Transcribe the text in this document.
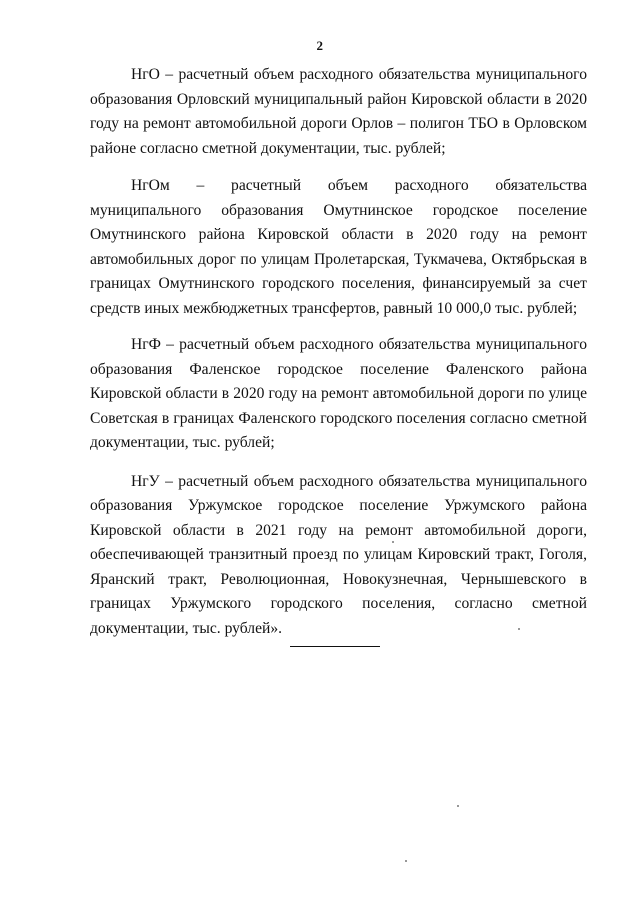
2

НгО – расчетный объем расходного обязательства муниципального образования Орловский муниципальный район Кировской области в 2020 году на ремонт автомобильной дороги Орлов – полигон ТБО в Орловском районе согласно сметной документации, тыс. рублей;

НгОм – расчетный объем расходного обязательства муниципального образования Омутнинское городское поселение Омутнинского района Кировской области в 2020 году на ремонт автомобильных дорог по улицам Пролетарская, Тукмачева, Октябрьская в границах Омутнинского городского поселения, финансируемый за счет средств иных межбюджетных трансфертов, равный 10 000,0 тыс. рублей;

НгФ – расчетный объем расходного обязательства муниципального образования Фаленское городское поселение Фаленского района Кировской области в 2020 году на ремонт автомобильной дороги по улице Советская в границах Фаленского городского поселения согласно сметной документации, тыс. рублей;

НгУ – расчетный объем расходного обязательства муниципального образования Уржумское городское поселение Уржумского района Кировской области в 2021 году на ремонт автомобильной дороги, обеспечивающей транзитный проезд по улицам Кировский тракт, Гоголя, Яранский тракт, Революционная, Новокузнечная, Чернышевского в границах Уржумского городского поселения, согласно сметной документации, тыс. рублей».
